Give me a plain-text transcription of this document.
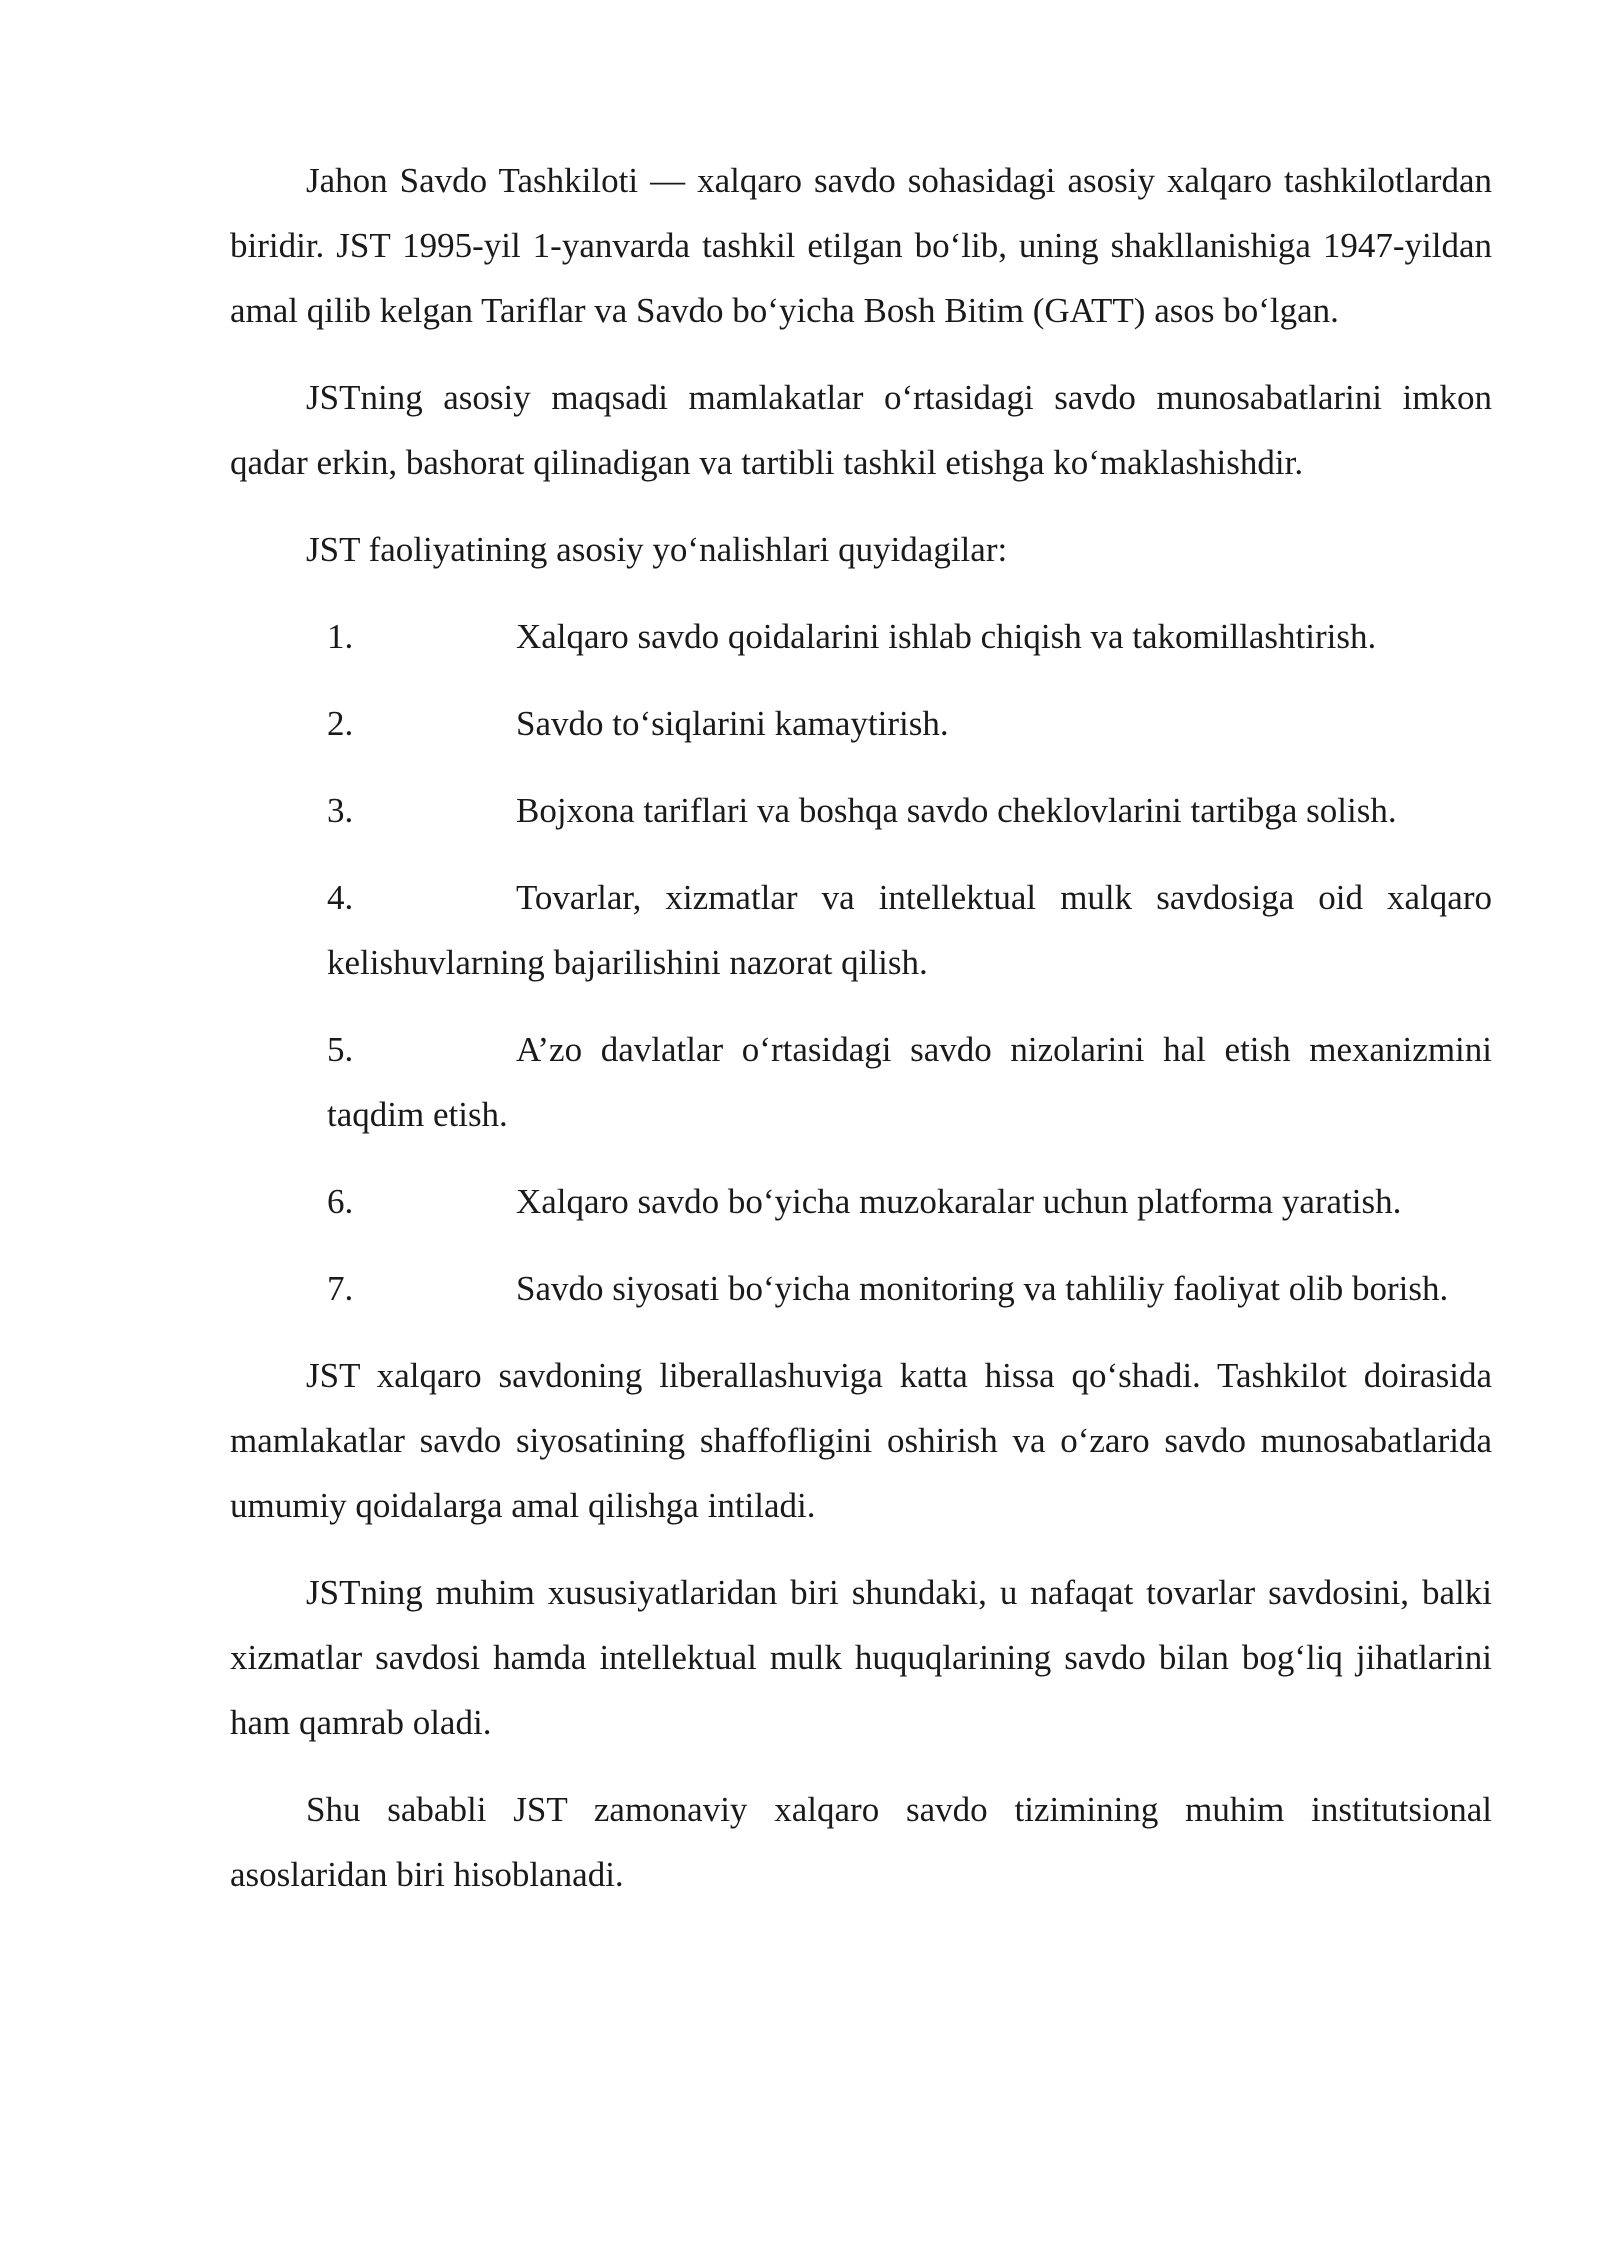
Jahon Savdo Tashkiloti — xalqaro savdo sohasidagi asosiy xalqaro tashkilotlardan biridir. JST 1995-yil 1-yanvarda tashkil etilgan bo‘lib, uning shakllanishiga 1947-yildan amal qilib kelgan Tariflar va Savdo bo‘yicha Bosh Bitim (GATT) asos bo‘lgan.

JSTning asosiy maqsadi mamlakatlar o‘rtasidagi savdo munosabatlarini imkon qadar erkin, bashorat qilinadigan va tartibli tashkil etishga ko‘maklashishdir.

JST faoliyatining asosiy yo‘nalishlari quyidagilar:

1.	Xalqaro savdo qoidalarini ishlab chiqish va takomillashtirish.
2.	Savdo to‘siqlarini kamaytirish.
3.	Bojxona tariflari va boshqa savdo cheklovlarini tartibga solish.
4.	Tovarlar, xizmatlar va intellektual mulk savdosiga oid xalqaro kelishuvlarning bajarilishini nazorat qilish.
5.	A’zo davlatlar o‘rtasidagi savdo nizolarini hal etish mexanizmini taqdim etish.
6.	Xalqaro savdo bo‘yicha muzokaralar uchun platforma yaratish.
7.	Savdo siyosati bo‘yicha monitoring va tahliliy faoliyat olib borish.

JST xalqaro savdoning liberallashuviga katta hissa qo‘shadi. Tashkilot doirasida mamlakatlar savdo siyosatining shaffofligini oshirish va o‘zaro savdo munosabatlarida umumiy qoidalarga amal qilishga intiladi.

JSTning muhim xususiyatlaridan biri shundaki, u nafaqat tovarlar savdosini, balki xizmatlar savdosi hamda intellektual mulk huquqlarining savdo bilan bog‘liq jihatlarini ham qamrab oladi.

Shu sababli JST zamonaviy xalqaro savdo tizimining muhim institutsional asoslaridan biri hisoblanadi.
